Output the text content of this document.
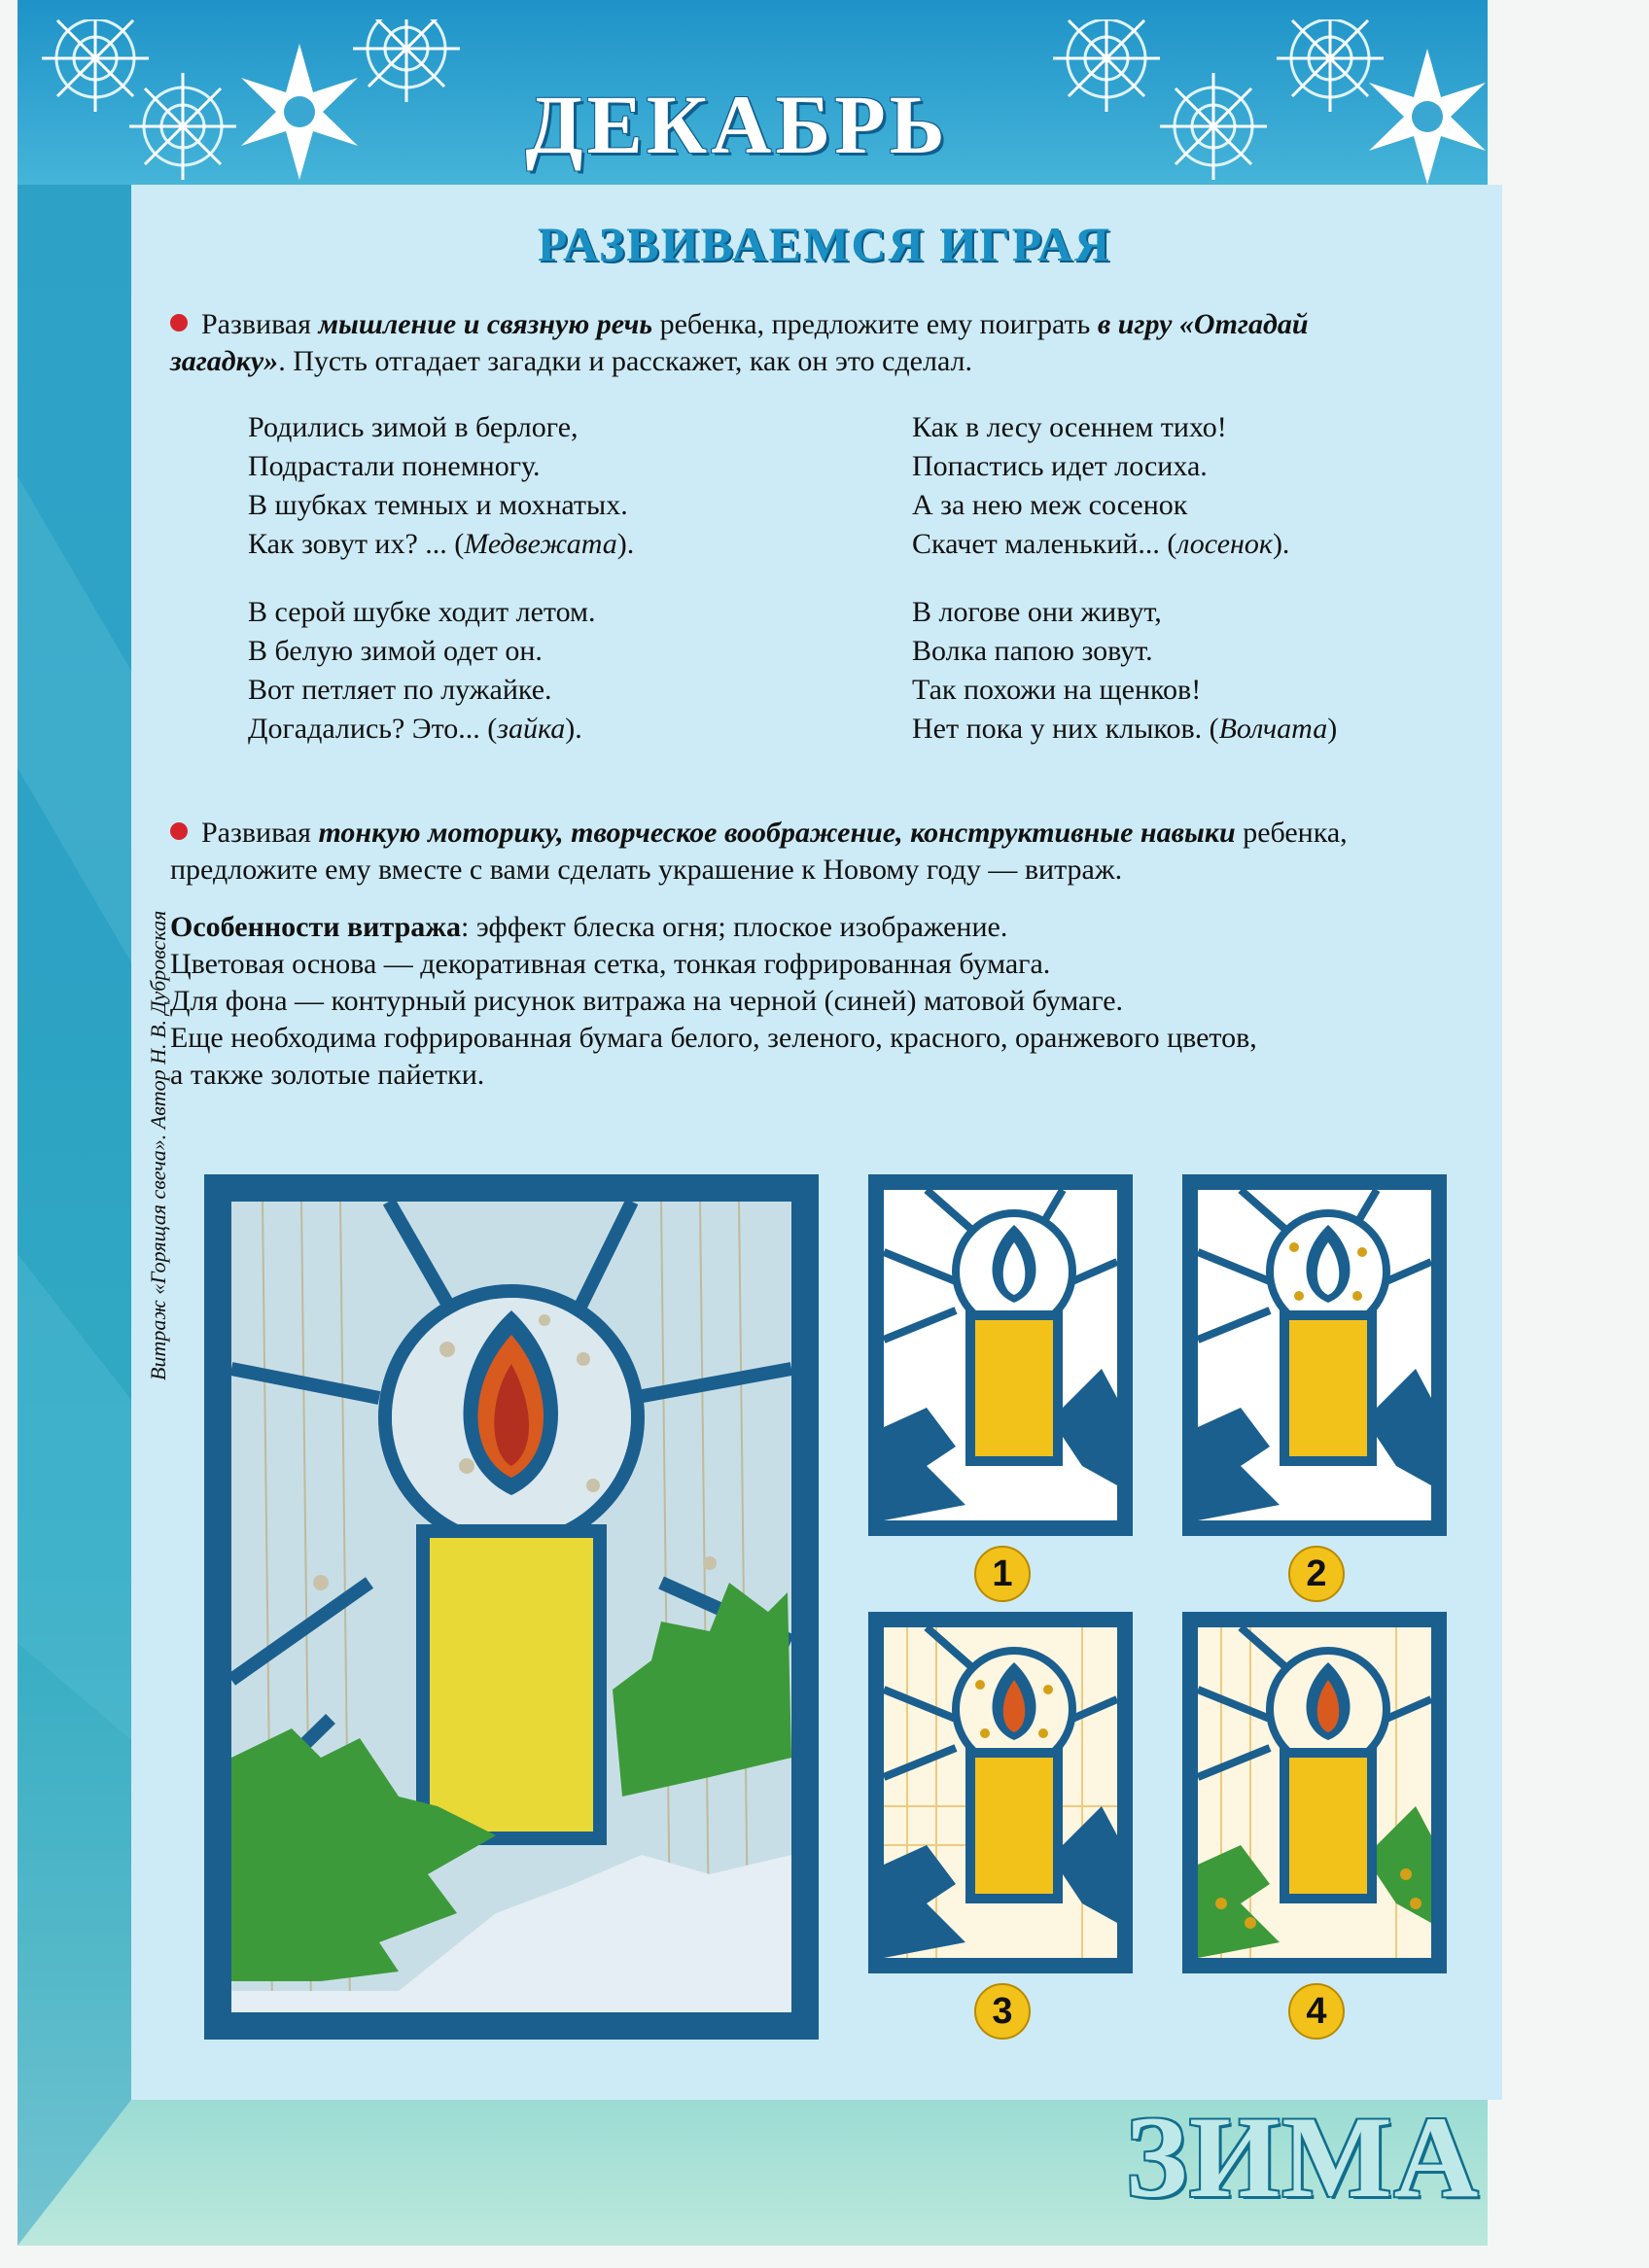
ДЕКАБРЬ
РАЗВИВАЕМСЯ ИГРАЯ
Развивая мышление и связную речь ребенка, предложите ему поиграть в игру «Отгадай
загадку». Пусть отгадает загадки и расскажет, как он это сделал.
Родились зимой в берлоге,
Подрастали понемногу.
В шубках темных и мохнатых.
Как зовут их? ... (Медвежата).
Как в лесу осеннем тихо!
Попастись идет лосиха.
А за нею меж сосенок
Скачет маленький... (лосенок).
В серой шубке ходит летом.
В белую зимой одет он.
Вот петляет по лужайке.
Догадались? Это... (зайка).
В логове они живут,
Волка папою зовут.
Так похожи на щенков!
Нет пока у них клыков. (Волчата)
Развивая тонкую моторику, творческое воображение, конструктивные навыки ребенка,
предложите ему вместе с вами сделать украшение к Новому году — витраж.
Особенности витража: эффект блеска огня; плоское изображение.
Цветовая основа — декоративная сетка, тонкая гофрированная бумага.
Для фона — контурный рисунок витража на черной (синей) матовой бумаге.
Еще необходима гофрированная бумага белого, зеленого, красного, оранжевого цветов,
а также золотые пайетки.
Витраж «Горящая свеча». Автор Н. В. Дубровская
1	2
3	4
ЗИМА
